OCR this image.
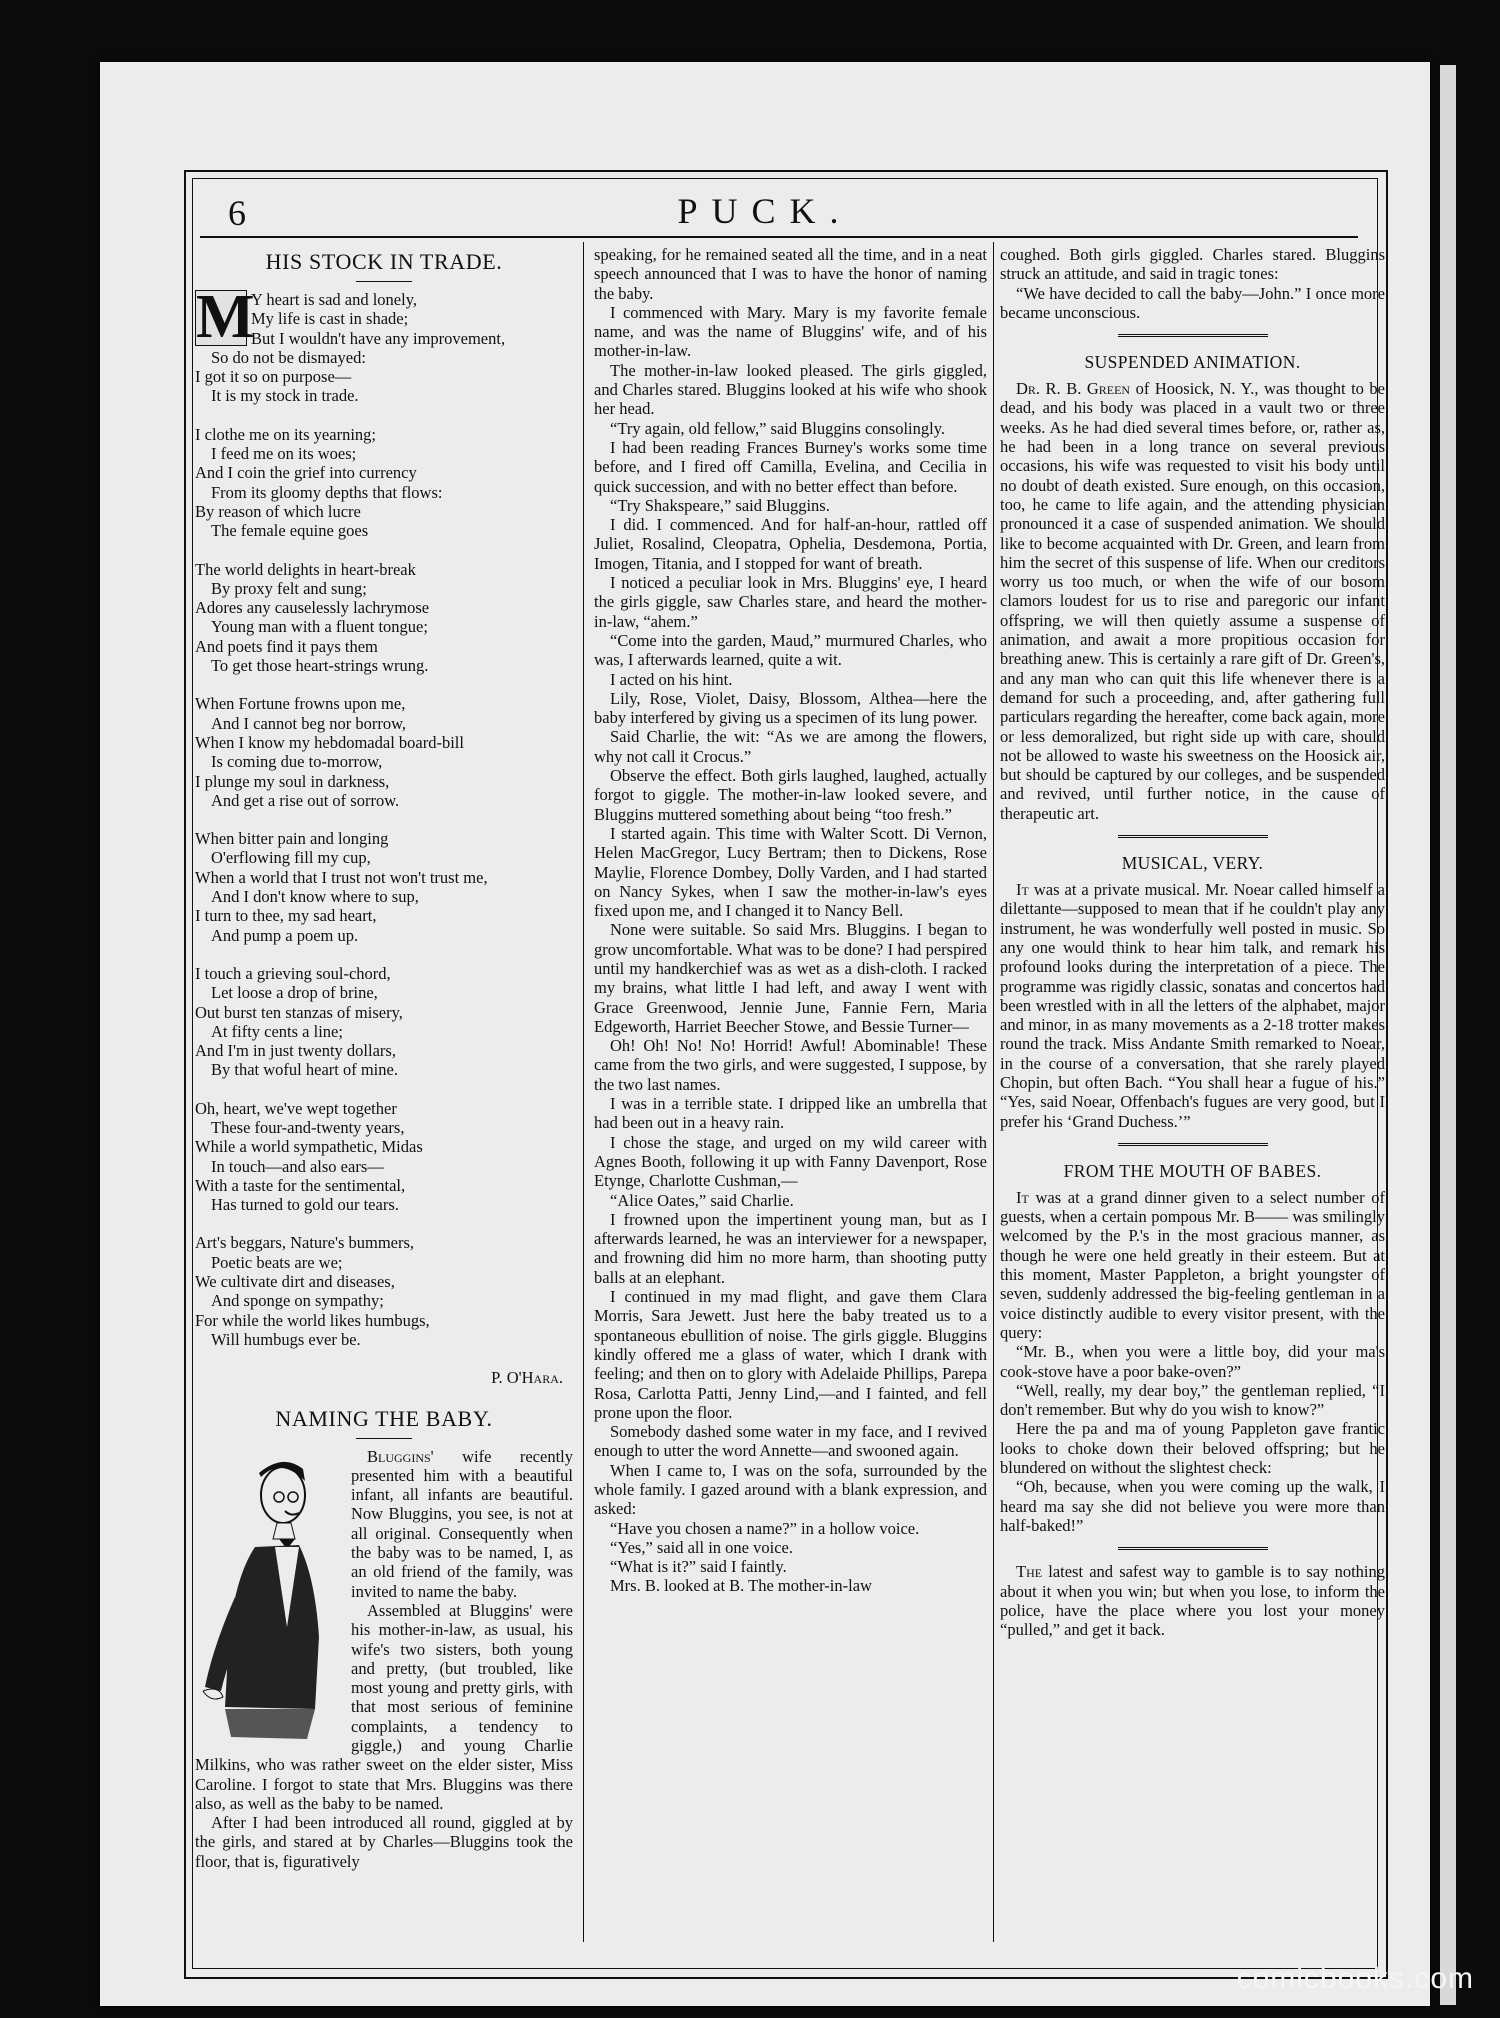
6	PUCK.
HIS STOCK IN TRADE.
M
Y heart is sad and lonely,
My life is cast in shade;
But I wouldn't have any improvement,
So do not be dismayed:
I got it so on purpose—
It is my stock in trade.
I clothe me on its yearning;
I feed me on its woes;
And I coin the grief into currency
From its gloomy depths that flows:
By reason of which lucre
The female equine goes
The world delights in heart-break
By proxy felt and sung;
Adores any causelessly lachrymose
Young man with a fluent tongue;
And poets find it pays them
To get those heart-strings wrung.
When Fortune frowns upon me,
And I cannot beg nor borrow,
When I know my hebdomadal board-bill
Is coming due to-morrow,
I plunge my soul in darkness,
And get a rise out of sorrow.
When bitter pain and longing
O'erflowing fill my cup,
When a world that I trust not won't trust me,
And I don't know where to sup,
I turn to thee, my sad heart,
And pump a poem up.
I touch a grieving soul-chord,
Let loose a drop of brine,
Out burst ten stanzas of misery,
At fifty cents a line;
And I'm in just twenty dollars,
By that woful heart of mine.
Oh, heart, we've wept together
These four-and-twenty years,
While a world sympathetic, Midas
In touch—and also ears—
With a taste for the sentimental,
Has turned to gold our tears.
Art's beggars, Nature's bummers,
Poetic beats are we;
We cultivate dirt and diseases,
And sponge on sympathy;
For while the world likes humbugs,
Will humbugs ever be.
P. O'Hara.
NAMING THE BABY.

Bluggins' wife recently presented him with a beautiful infant, all infants are beautiful. Now Bluggins, you see, is not at all original. Consequently when the baby was to be named, I, as an old friend of the family, was invited to name the baby.

Assembled at Bluggins' were his mother-in-law, as usual, his wife's two sisters, both young and pretty, (but troubled, like most young and pretty girls, with that most serious of feminine complaints, a tendency to giggle,) and young Charlie Milkins, who was rather sweet on the elder sister, Miss Caroline. I forgot to state that Mrs. Bluggins was there also, as well as the baby to be named.

After I had been introduced all round, giggled at by the girls, and stared at by Charles—Bluggins took the floor, that is, figuratively

speaking, for he remained seated all the time, and in a neat speech announced that I was to have the honor of naming the baby.

I commenced with Mary. Mary is my favorite female name, and was the name of Bluggins' wife, and of his mother-in-law.

The mother-in-law looked pleased. The girls giggled, and Charles stared. Bluggins looked at his wife who shook her head.

“Try again, old fellow,” said Bluggins consolingly.

I had been reading Frances Burney's works some time before, and I fired off Camilla, Evelina, and Cecilia in quick succession, and with no better effect than before.

“Try Shakspeare,” said Bluggins.

I did. I commenced. And for half-an-hour, rattled off Juliet, Rosalind, Cleopatra, Ophelia, Desdemona, Portia, Imogen, Titania, and I stopped for want of breath.

I noticed a peculiar look in Mrs. Bluggins' eye, I heard the girls giggle, saw Charles stare, and heard the mother-in-law, “ahem.”

“Come into the garden, Maud,” murmured Charles, who was, I afterwards learned, quite a wit.

I acted on his hint.

Lily, Rose, Violet, Daisy, Blossom, Althea—here the baby interfered by giving us a specimen of its lung power.

Said Charlie, the wit: “As we are among the flowers, why not call it Crocus.”

Observe the effect. Both girls laughed, laughed, actually forgot to giggle. The mother-in-law looked severe, and Bluggins muttered something about being “too fresh.”

I started again. This time with Walter Scott. Di Vernon, Helen MacGregor, Lucy Bertram; then to Dickens, Rose Maylie, Florence Dombey, Dolly Varden, and I had started on Nancy Sykes, when I saw the mother-in-law's eyes fixed upon me, and I changed it to Nancy Bell.

None were suitable. So said Mrs. Bluggins. I began to grow uncomfortable. What was to be done? I had perspired until my handkerchief was as wet as a dish-cloth. I racked my brains, what little I had left, and away I went with Grace Greenwood, Jennie June, Fannie Fern, Maria Edgeworth, Harriet Beecher Stowe, and Bessie Turner—

Oh! Oh! No! No! Horrid! Awful! Abominable! These came from the two girls, and were suggested, I suppose, by the two last names.

I was in a terrible state. I dripped like an umbrella that had been out in a heavy rain.

I chose the stage, and urged on my wild career with Agnes Booth, following it up with Fanny Davenport, Rose Etynge, Charlotte Cushman,—

“Alice Oates,” said Charlie.

I frowned upon the impertinent young man, but as I afterwards learned, he was an interviewer for a newspaper, and frowning did him no more harm, than shooting putty balls at an elephant.

I continued in my mad flight, and gave them Clara Morris, Sara Jewett. Just here the baby treated us to a spontaneous ebullition of noise. The girls giggle. Bluggins kindly offered me a glass of water, which I drank with feeling; and then on to glory with Adelaide Phillips, Parepa Rosa, Carlotta Patti, Jenny Lind,—and I fainted, and fell prone upon the floor.

Somebody dashed some water in my face, and I revived enough to utter the word Annette—and swooned again.

When I came to, I was on the sofa, surrounded by the whole family. I gazed around with a blank expression, and asked:

“Have you chosen a name?” in a hollow voice.

“Yes,” said all in one voice.

“What is it?” said I faintly.

Mrs. B. looked at B. The mother-in-law

coughed. Both girls giggled. Charles stared. Bluggins struck an attitude, and said in tragic tones:

“We have decided to call the baby—John.” I once more became unconscious.

SUSPENDED ANIMATION.

Dr. R. B. Green of Hoosick, N. Y., was thought to be dead, and his body was placed in a vault two or three weeks. As he had died several times before, or, rather as, he had been in a long trance on several previous occasions, his wife was requested to visit his body until no doubt of death existed. Sure enough, on this occasion, too, he came to life again, and the attending physician pronounced it a case of suspended animation. We should like to become acquainted with Dr. Green, and learn from him the secret of this suspense of life. When our creditors worry us too much, or when the wife of our bosom clamors loudest for us to rise and paregoric our infant offspring, we will then quietly assume a suspense of animation, and await a more propitious occasion for breathing anew. This is certainly a rare gift of Dr. Green's, and any man who can quit this life whenever there is a demand for such a proceeding, and, after gathering full particulars regarding the hereafter, come back again, more or less demoralized, but right side up with care, should not be allowed to waste his sweetness on the Hoosick air, but should be captured by our colleges, and be suspended and revived, until further notice, in the cause of therapeutic art.

MUSICAL, VERY.

It was at a private musical. Mr. Noear called himself a dilettante—supposed to mean that if he couldn't play any instrument, he was wonderfully well posted in music. So any one would think to hear him talk, and remark his profound looks during the interpretation of a piece. The programme was rigidly classic, sonatas and concertos had been wrestled with in all the letters of the alphabet, major and minor, in as many movements as a 2-18 trotter makes round the track. Miss Andante Smith remarked to Noear, in the course of a conversation, that she rarely played Chopin, but often Bach. “You shall hear a fugue of his.” “Yes, said Noear, Offenbach's fugues are very good, but I prefer his ‘Grand Duchess.’”

FROM THE MOUTH OF BABES.

It was at a grand dinner given to a select number of guests, when a certain pompous Mr. B—— was smilingly welcomed by the P.'s in the most gracious manner, as though he were one held greatly in their esteem. But at this moment, Master Pappleton, a bright youngster of seven, suddenly addressed the big-feeling gentleman in a voice distinctly audible to every visitor present, with the query:

“Mr. B., when you were a little boy, did your ma's cook-stove have a poor bake-oven?”

“Well, really, my dear boy,” the gentleman replied, “I don't remember. But why do you wish to know?”

Here the pa and ma of young Pappleton gave frantic looks to choke down their beloved offspring; but he blundered on without the slightest check:

“Oh, because, when you were coming up the walk, I heard ma say she did not believe you were more than half-baked!”

The latest and safest way to gamble is to say nothing about it when you win; but when you lose, to inform the police, have the place where you lost your money “pulled,” and get it back.

comicbooks.com
